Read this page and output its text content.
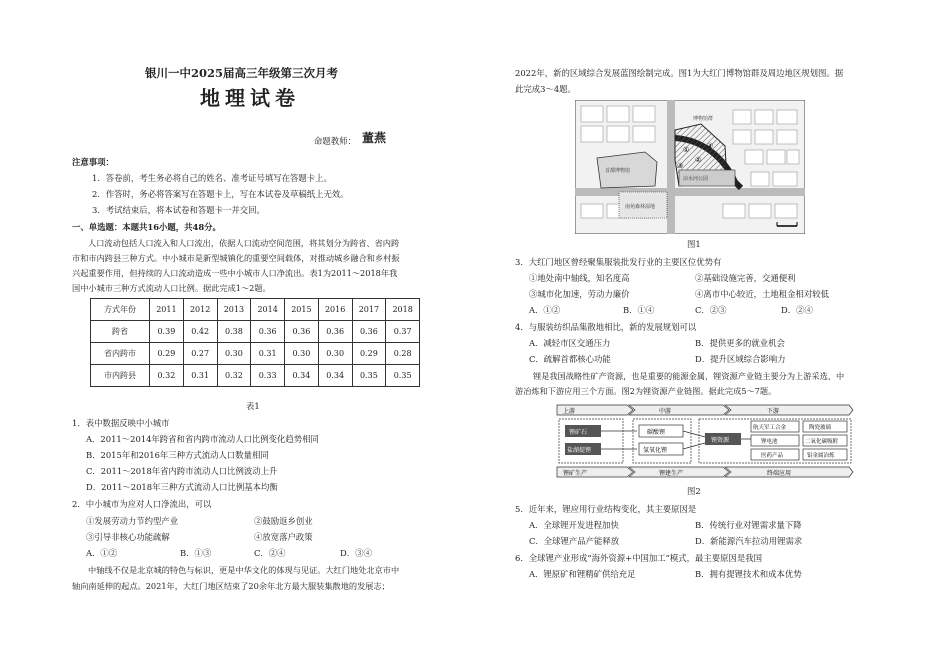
银川一中2025届高三年级第三次月考
地理试卷
命题教师： 董燕
注意事项：
1．答卷前，考生务必将自己的姓名、准考证号填写在答题卡上。
2．作答时，务必将答案写在答题卡上，写在本试卷及草稿纸上无效。
3．考试结束后，将本试卷和答题卡一并交回。
一、单选题：本题共16小题，共48分。
人口流动包括人口流入和人口流出，依据人口流动空间范围，将其划分为跨省、省内跨
市和市内跨县三种方式。中小城市是新型城镇化的重要空间载体，对推动城乡融合和乡村振
兴起重要作用，但持续的人口流动造成一些中小城市人口净流出。表1为2011～2018年我
国中小城市三种方式流动人口比例。据此完成1～2题。
方式年份	2011	2012	2013	2014	2015	2016	2017	2018
跨省	0.39	0.42	0.38	0.36	0.36	0.36	0.36	0.37
省内跨市	0.29	0.27	0.30	0.31	0.30	0.30	0.29	0.28
市内跨县	0.32	0.31	0.32	0.33	0.34	0.34	0.35	0.35
表1
1．表中数据反映中小城市
A．2011～2014年跨省和省内跨市流动人口比例变化趋势相同
B．2015年和2016年三种方式流动人口数量相同
C．2011～2018年省内跨市流动人口比例波动上升
D．2011～2018年三种方式流动人口比例基本均衡
2．中小城市为应对人口净流出，可以
①发展劳动力节约型产业	②鼓励返乡创业
③引导非核心功能疏解	④放宽落户政策
A．①②	B．①③	C．②④	D．③④
中轴线不仅是北京城的特色与标识，更是中华文化的体现与见证。大红门地处北京市中
轴向南延伸的起点。2021年，大红门地区结束了20余年北方最大服装集散地的发展志；
2022年，新的区域综合发展蓝图绘制完成。图1为大红门博物馆群及周边地区规划图。据
此完成3～4题。
博物馆群
首都博物馆
南苑森林湿地
凉水河公园
①
②
③
④
图1
3．大红门地区曾经聚集服装批发行业的主要区位优势有
①地处南中轴线，知名度高	②基础设施完善，交通便利
③城市化加速，劳动力廉价	④离市中心较近，土地租金相对较低
A．①②	B．①④	C．②③	D．②④
4．与服装纺织品集散地相比，新的发展规划可以
A．减轻市区交通压力	B．提供更多的就业机会
C．疏解首都核心功能	D．提升区域综合影响力
锂是我国战略性矿产资源，也是重要的能源金属，锂资源产业链主要分为上游采选、中
游冶炼和下游应用三个方面。图2为锂资源产业链图。据此完成5～7题。
上游	中游	下游
锂矿石
盐湖提锂
碳酸锂
氢氧化锂
锂资源
航天军工合金	陶瓷玻璃
锂电池	二氧化碳吸附
医药产品	铝金属冶炼
锂矿生产	锂建生产	终端应用
图2
5．近年来，锂应用行业结构变化，其主要原因是
A．全球锂开发进程加快	B．传统行业对锂需求量下降
C．全球锂产品产能释放	D．新能源汽车拉动用锂需求
6．全球锂产业形成“海外资源+中国加工”模式，最主要原因是我国
A．锂原矿和锂精矿供给充足	B．拥有提锂技术和成本优势
